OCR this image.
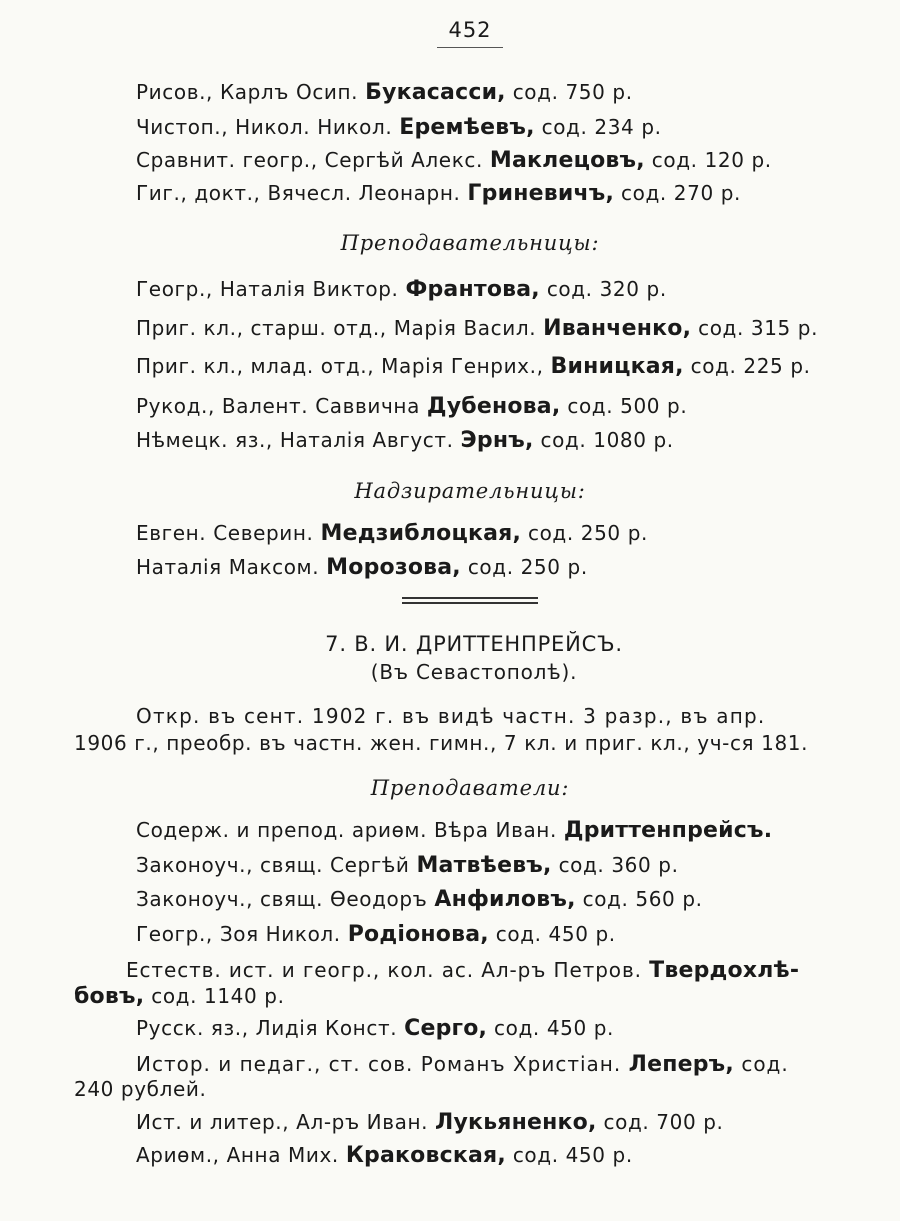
452
Рисов., Карлъ Осип. Букасасси, сод. 750 р.
Чистоп., Никол. Никол. Еремѣевъ, сод. 234 р.
Сравнит. геогр., Сергѣй Алекс. Маклецовъ, сод. 120 р.
Гиг., докт., Вячесл. Леонарн. Гриневичъ, сод. 270 р.
Преподавательницы:
Геогр., Наталія Виктор. Франтова, сод. 320 р.
Приг. кл., старш. отд., Марія Васил. Иванченко, сод. 315 р.
Приг. кл., млад. отд., Марія Генрих., Виницкая, сод. 225 р.
Рукод., Валент. Саввична Дубенова, сод. 500 р.
Нѣмецк. яз., Наталія Август. Эрнъ, сод. 1080 р.
Надзирательницы:
Евген. Северин. Медзиблоцкая, сод. 250 р.
Наталія Максом. Морозова, сод. 250 р.
7. В. И. ДРИТТЕНПРЕЙСЪ.
(Въ Севастополѣ).
Откр. въ сент. 1902 г. въ видѣ частн. 3 разр., въ апр.
1906 г., преобр. въ частн. жен. гимн., 7 кл. и приг. кл., уч-ся 181.
Преподаватели:
Содерж. и препод. ариѳм. Вѣра Иван. Дриттенпрейсъ.
Законоуч., свящ. Сергѣй Матвѣевъ, сод. 360 р.
Законоуч., свящ. Ѳеодоръ Анфиловъ, сод. 560 р.
Геогр., Зоя Никол. Родіонова, сод. 450 р.
Естеств. ист. и геогр., кол. ас. Ал-ръ Петров. Твердохлѣ-
бовъ, сод. 1140 р.
Русск. яз., Лидія Конст. Серго, сод. 450 р.
Истор. и педаг., ст. сов. Романъ Христіан. Леперъ, сод.
240 рублей.
Ист. и литер., Ал-ръ Иван. Лукьяненко, сод. 700 р.
Ариѳм., Анна Мих. Краковская, сод. 450 р.
